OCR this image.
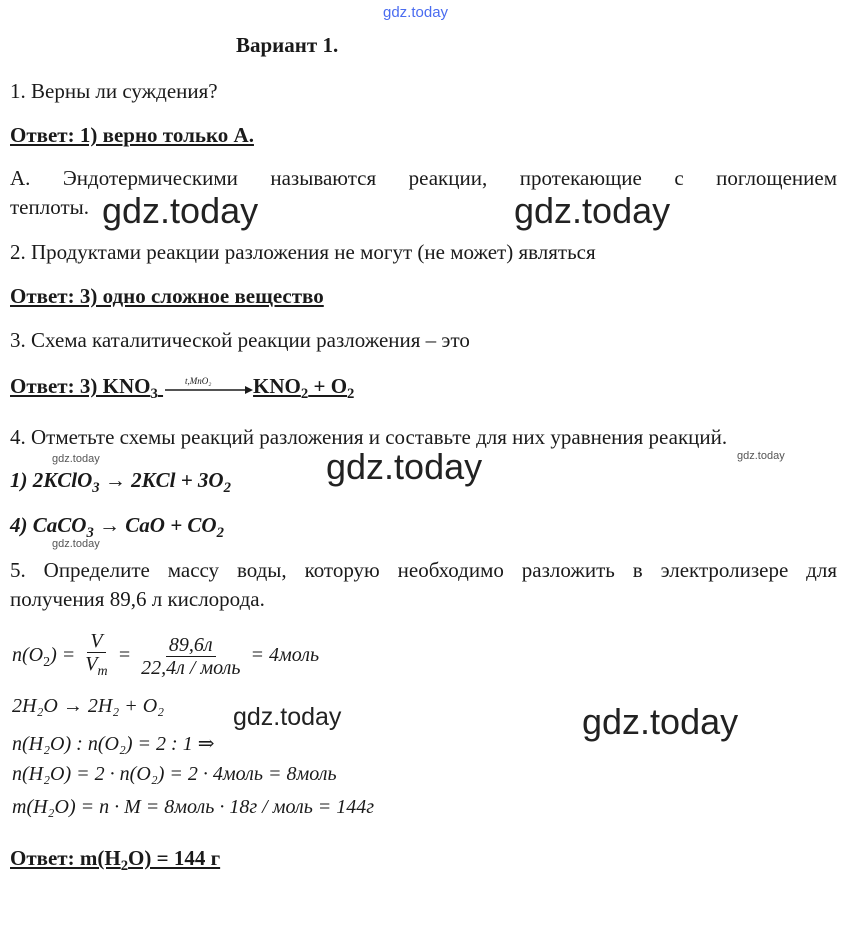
gdz.today
Вариант 1.
1. Верны ли суждения?
Ответ: 1) верно только А.
А. Эндотермическими называются реакции, протекающие с поглощением
теплоты. gdz.today	gdz.today
2. Продуктами реакции разложения не могут (не может) являться
Ответ: 3) одно сложное вещество
3. Схема каталитической реакции разложения – это
Ответ: 3) $KNO_3$
t,MnO₂ $KNO_2 + O_2$
4. Отметьте схемы реакций разложения и составьте для них уравнения реакций.
gdz.today
gdz.today	gdz.today
1) 2KClO$_3$ → $2KCl + 3O_2$
4) CaCO$_3$ → CaO + $CO_2$
gdz.today
5. Определите массу воды, которую необходимо разложить в электролизере для
получения 89,6 л кислорода.
$n(O_2) = \frac{V}{V_m} = \frac{89,6л}{\text{22,4л / моль}}$ = 4моль
2H₂O → 2H₂ + O₂	gdz.today	gdz.today
n(H₂O) : n(O₂) = 2 : 1 ⇒
n(H₂O) = 2 · n(O₂) = 2 · 4моль = 8моль
m(H₂O) = n · M = 8моль · 18г / моль = 144г
Ответ: $m(H_2O) = 144$ г
